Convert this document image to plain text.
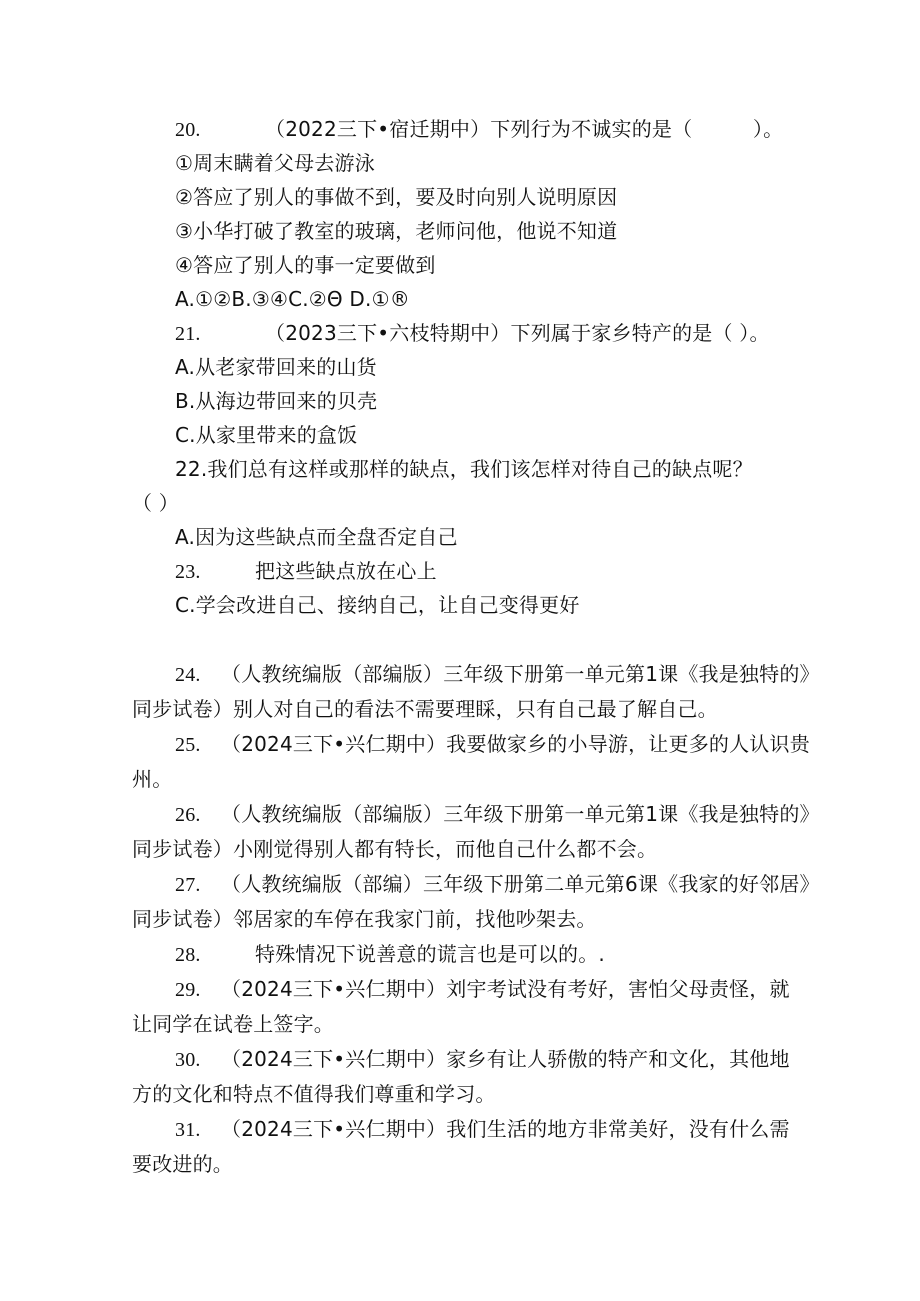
20.	（2022三下•宿迁期中）下列行为不诚实的是（　　　）。
①周末瞒着父母去游泳
②答应了别人的事做不到，要及时向别人说明原因
③小华打破了教室的玻璃，老师问他，他说不知道
④答应了别人的事一定要做到
A.①②B.③④C.②Θ D.①®
21.	（2023三下•六枝特期中）下列属于家乡特产的是（ ）。
A.从老家带回来的山货
B.从海边带回来的贝壳
C.从家里带来的盒饭
22.我们总有这样或那样的缺点，我们该怎样对待自己的缺点呢？
（ ）
A.因为这些缺点而全盘否定自己
23.	把这些缺点放在心上
C.学会改进自己、接纳自己，让自己变得更好
24. （人教统编版（部编版）三年级下册第一单元第1课《我是独特的》
同步试卷）别人对自己的看法不需要理睬，只有自己最了解自己。
25. （2024三下•兴仁期中）我要做家乡的小导游，让更多的人认识贵
州。
26. （人教统编版（部编版）三年级下册第一单元第1课《我是独特的》
同步试卷）小刚觉得别人都有特长，而他自己什么都不会。
27. （人教统编版（部编）三年级下册第二单元第6课《我家的好邻居》
同步试卷）邻居家的车停在我家门前，找他吵架去。
28.	特殊情况下说善意的谎言也是可以的。.
29. （2024三下•兴仁期中）刘宇考试没有考好，害怕父母责怪，就
让同学在试卷上签字。
30. （2024三下•兴仁期中）家乡有让人骄傲的特产和文化，其他地
方的文化和特点不值得我们尊重和学习。
31. （2024三下•兴仁期中）我们生活的地方非常美好，没有什么需
要改进的。
